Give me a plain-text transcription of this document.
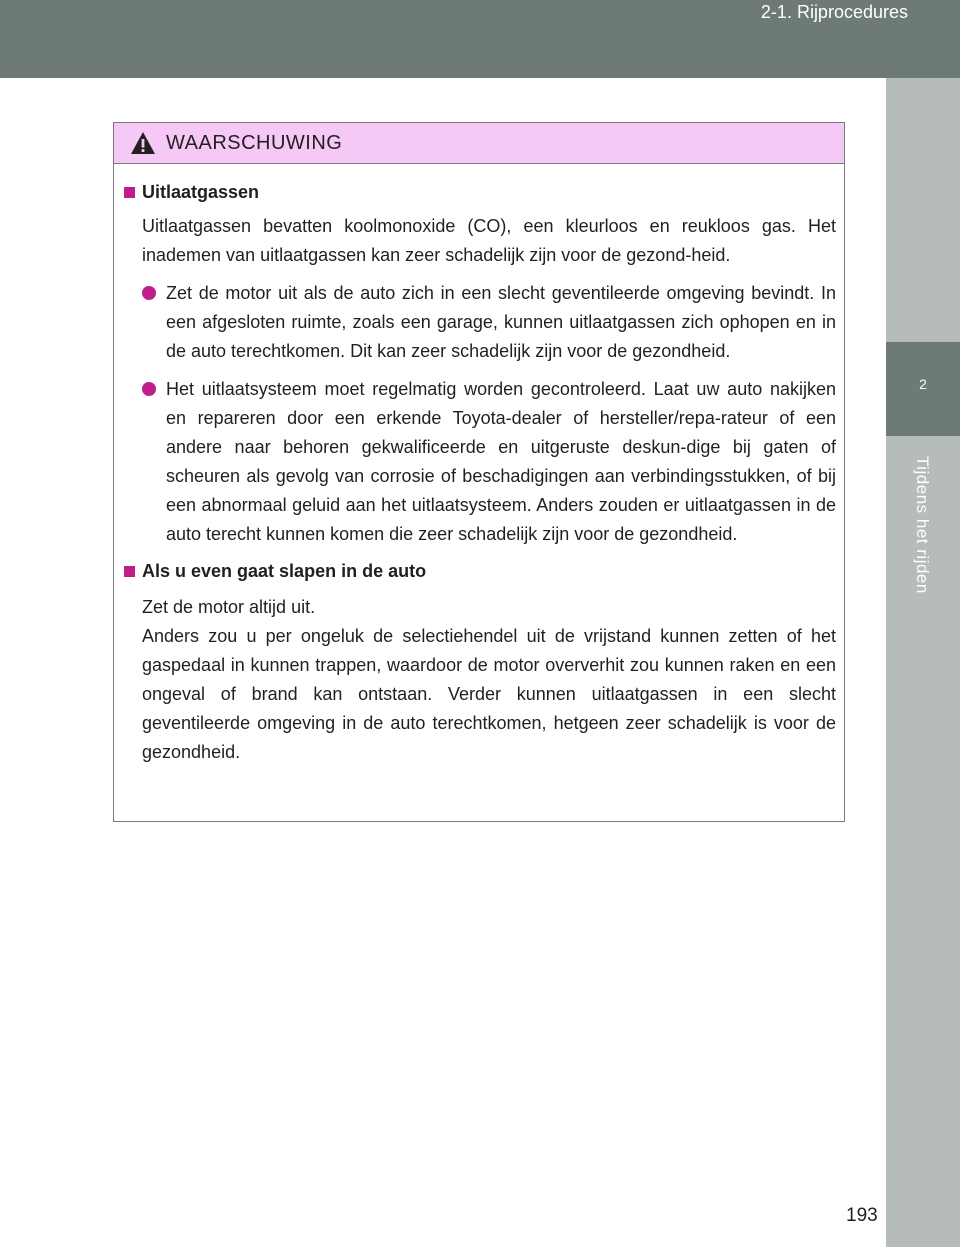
2-1. Rijprocedures
2
Tijdens het rijden
WAARSCHUWING
Uitlaatgassen
Uitlaatgassen bevatten koolmonoxide (CO), een kleurloos en reukloos gas. Het inademen van uitlaatgassen kan zeer schadelijk zijn voor de gezond-heid.
Zet de motor uit als de auto zich in een slecht geventileerde omgeving bevindt. In een afgesloten ruimte, zoals een garage, kunnen uitlaatgassen zich ophopen en in de auto terechtkomen. Dit kan zeer schadelijk zijn voor de gezondheid.
Het uitlaatsysteem moet regelmatig worden gecontroleerd. Laat uw auto nakijken en repareren door een erkende Toyota-dealer of hersteller/repa-rateur of een andere naar behoren gekwalificeerde en uitgeruste deskun-dige bij gaten of scheuren als gevolg van corrosie of beschadigingen aan verbindingsstukken, of bij een abnormaal geluid aan het uitlaatsysteem. Anders zouden er uitlaatgassen in de auto terecht kunnen komen die zeer schadelijk zijn voor de gezondheid.
Als u even gaat slapen in de auto
Zet de motor altijd uit.
Anders zou u per ongeluk de selectiehendel uit de vrijstand kunnen zetten of het gaspedaal in kunnen trappen, waardoor de motor oververhit zou kunnen raken en een ongeval of brand kan ontstaan. Verder kunnen uitlaatgassen in een slecht geventileerde omgeving in de auto terechtkomen, hetgeen zeer schadelijk is voor de gezondheid.
193
